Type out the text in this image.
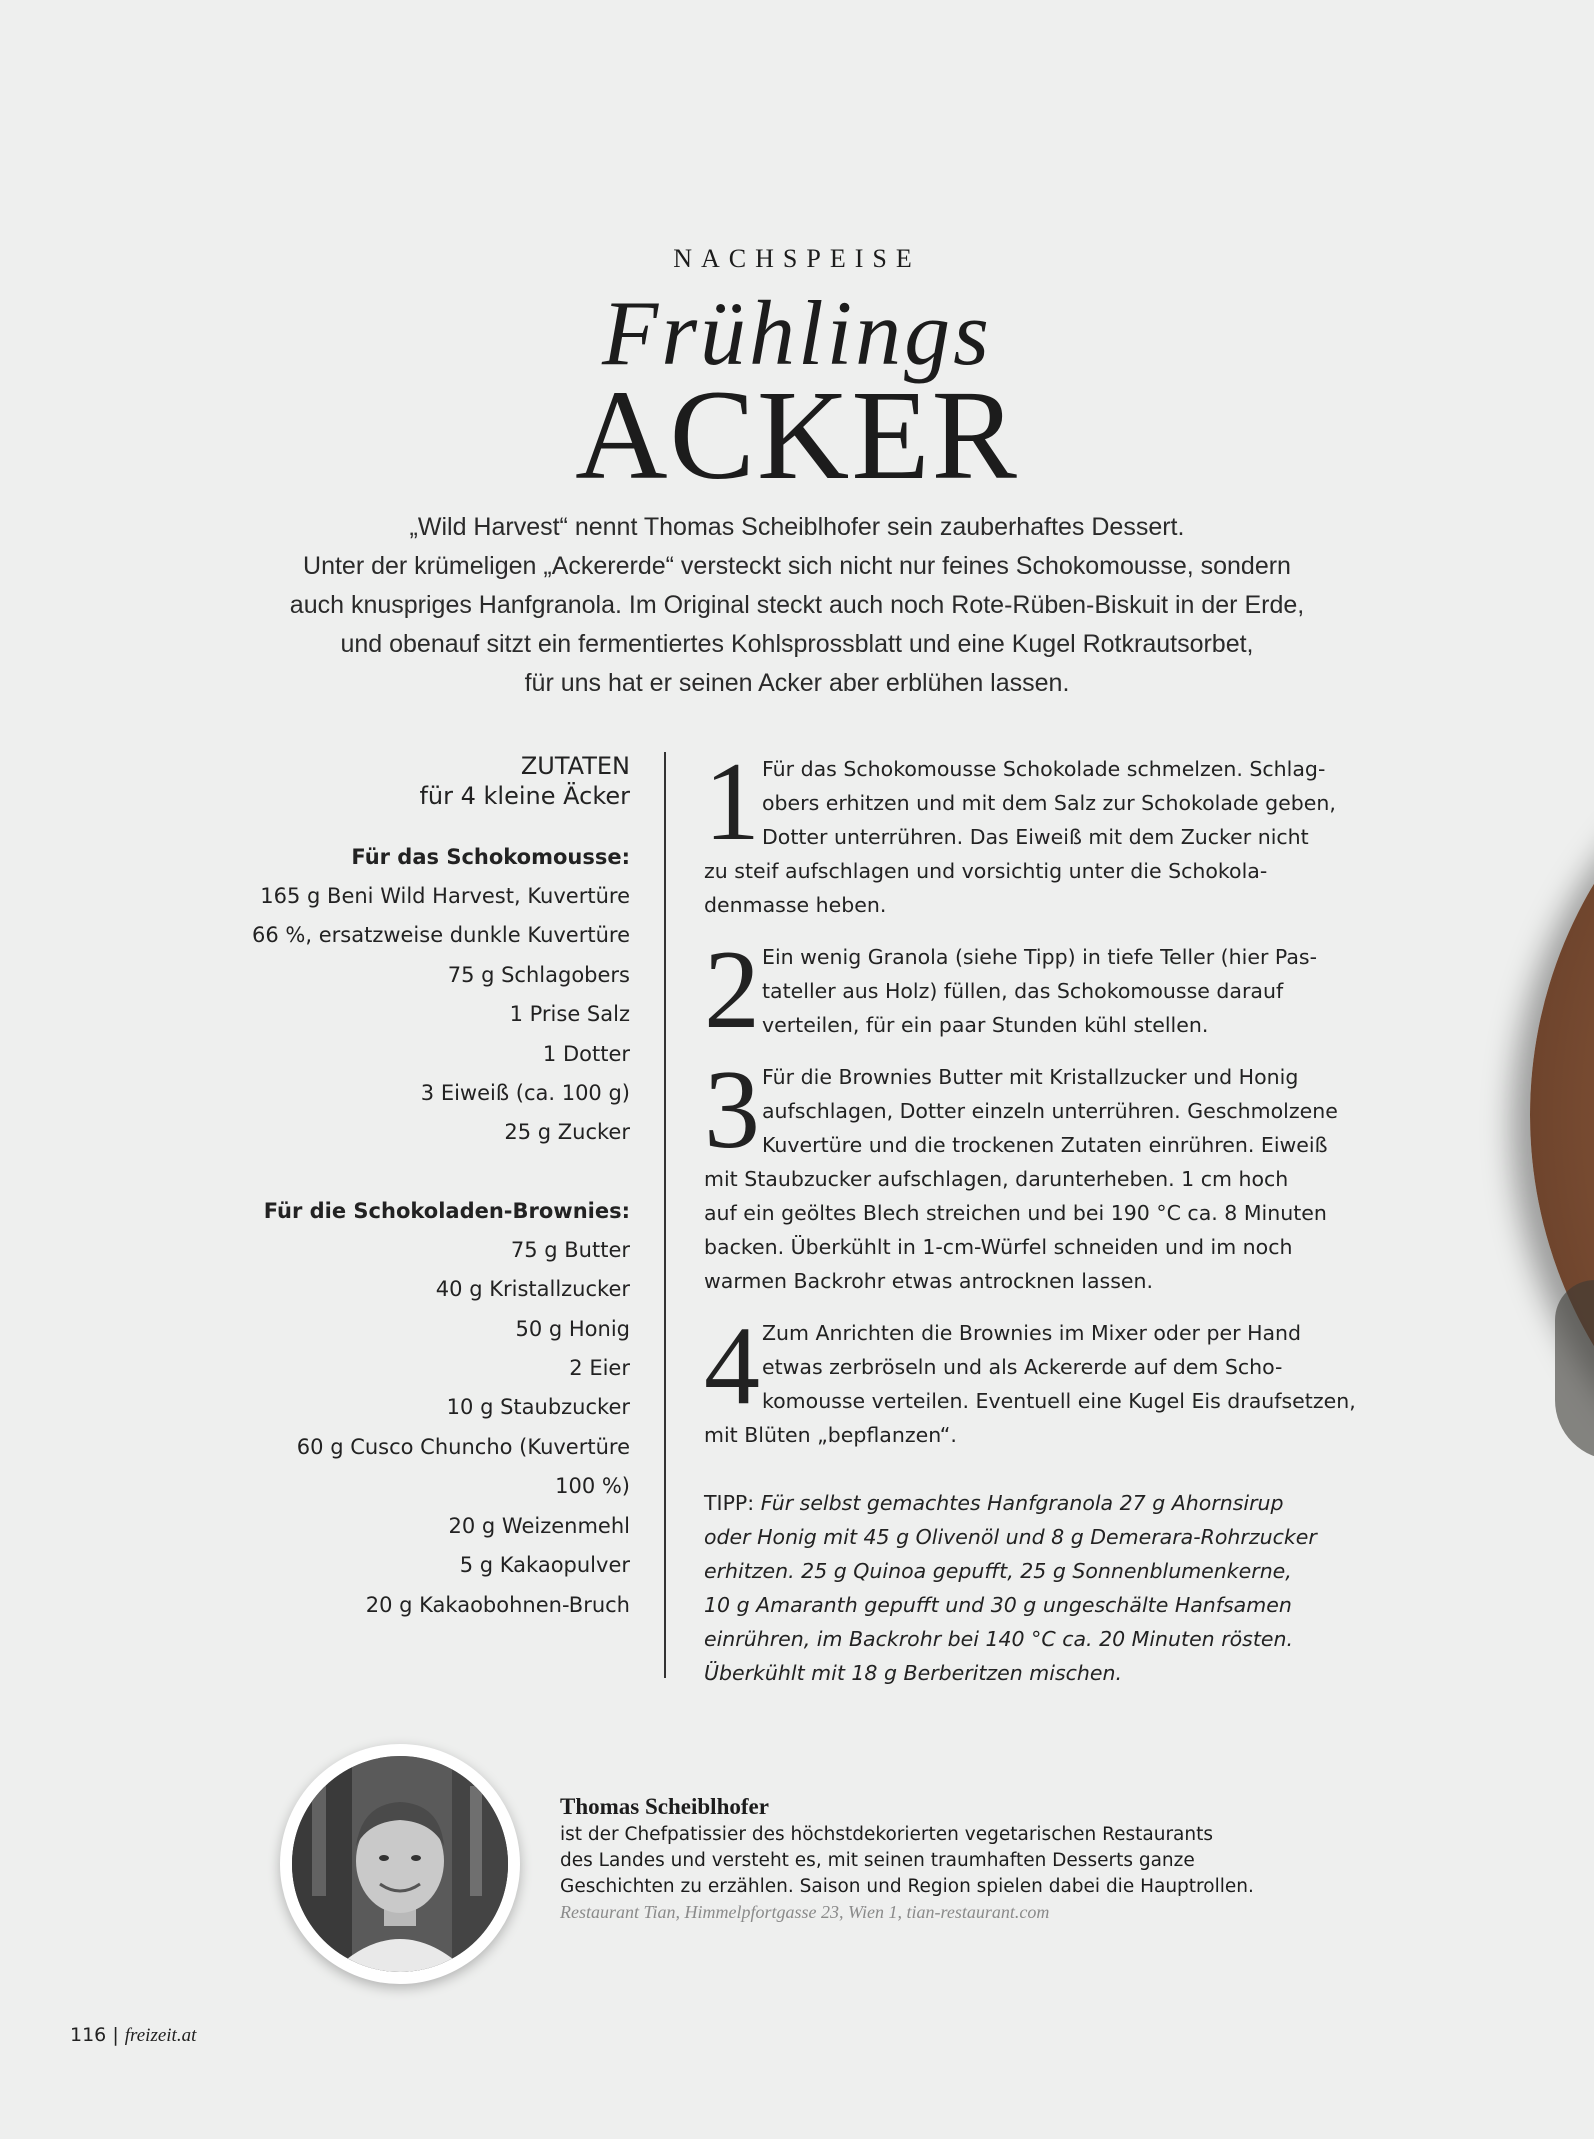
NACHSPEISE
Frühlings
ACKER
„Wild Harvest“ nennt Thomas Scheiblhofer sein zauberhaftes Dessert.
Unter der krümeligen „Ackererde“ versteckt sich nicht nur feines Schokomousse, sondern
auch knuspriges Hanfgranola. Im Original steckt auch noch Rote-Rüben-Biskuit in der Erde,
und obenauf sitzt ein fermentiertes Kohlsprossblatt und eine Kugel Rotkrautsorbet,
für uns hat er seinen Acker aber erblühen lassen.
ZUTATEN
für 4 kleine Äcker
Für das Schokomousse:
165 g Beni Wild Harvest, Kuvertüre
66 %, ersatzweise dunkle Kuvertüre
75 g Schlagobers
1 Prise Salz
1 Dotter
3 Eiweiß (ca. 100 g)
25 g Zucker
Für die Schokoladen-Brownies:
75 g Butter
40 g Kristallzucker
50 g Honig
2 Eier
10 g Staubzucker
60 g Cusco Chuncho (Kuvertüre
100 %)
20 g Weizenmehl
5 g Kakaopulver
20 g Kakaobohnen-Bruch
1 Für das Schokomousse Schokolade schmelzen. Schlag-
obers erhitzen und mit dem Salz zur Schokolade geben,
Dotter unterrühren. Das Eiweiß mit dem Zucker nicht
zu steif aufschlagen und vorsichtig unter die Schokola-
denmasse heben.
2 Ein wenig Granola (siehe Tipp) in tiefe Teller (hier Pas-
tateller aus Holz) füllen, das Schokomousse darauf
verteilen, für ein paar Stunden kühl stellen.
3 Für die Brownies Butter mit Kristallzucker und Honig
aufschlagen, Dotter einzeln unterrühren. Geschmolzene
Kuvertüre und die trockenen Zutaten einrühren. Eiweiß
mit Staubzucker aufschlagen, darunterheben. 1 cm hoch
auf ein geöltes Blech streichen und bei 190 °C ca. 8 Minuten
backen. Überkühlt in 1-cm-Würfel schneiden und im noch
warmen Backrohr etwas antrocknen lassen.
4 Zum Anrichten die Brownies im Mixer oder per Hand
etwas zerbröseln und als Ackererde auf dem Scho-
komousse verteilen. Eventuell eine Kugel Eis draufsetzen,
mit Blüten „bepflanzen“.
TIPP: Für selbst gemachtes Hanfgranola 27 g Ahornsirup
oder Honig mit 45 g Olivenöl und 8 g Demerara-Rohrzucker
erhitzen. 25 g Quinoa gepufft, 25 g Sonnenblumenkerne,
10 g Amaranth gepufft und 30 g ungeschälte Hanfsamen
einrühren, im Backrohr bei 140 °C ca. 20 Minuten rösten.
Überkühlt mit 18 g Berberitzen mischen.
Thomas Scheiblhofer
ist der Chefpatissier des höchstdekorierten vegetarischen Restaurants
des Landes und versteht es, mit seinen traumhaften Desserts ganze
Geschichten zu erzählen. Saison und Region spielen dabei die Hauptrollen.
Restaurant Tian, Himmelpfortgasse 23, Wien 1, tian-restaurant.com
116 | freizeit.at
